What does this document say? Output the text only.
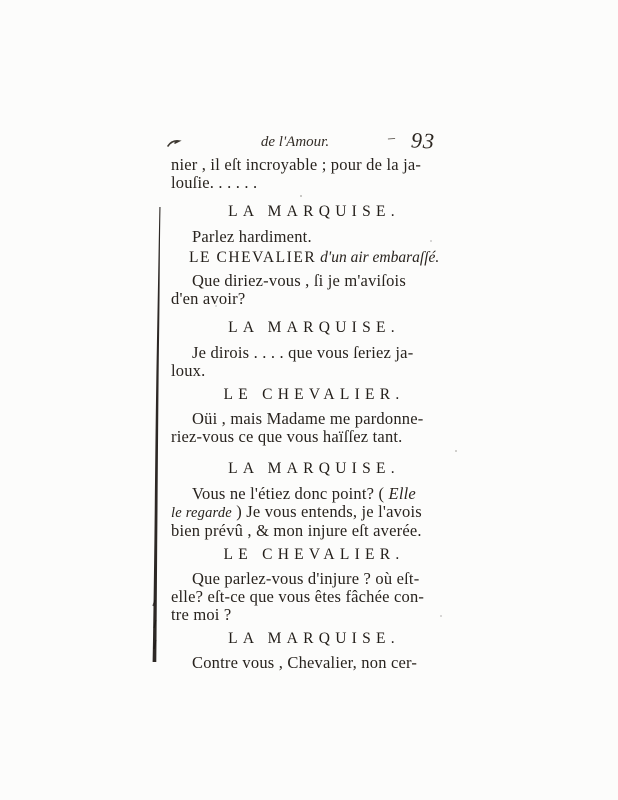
de l'Amour.	– 93

nier , il eſt incroyable ; pour de la ja-

louſie. . . . . .

LA MARQUISE.

Parlez hardiment.

LE CHEVALIER d'un air embaraſſé.

Que diriez-vous , ſi je m'aviſois

d'en avoir?

LA MARQUISE.

Je dirois . . . . que vous ſeriez ja-

loux.

LE CHEVALIER.

Oüi , mais Madame me pardonne-

riez-vous ce que vous haïſſez tant.

LA MARQUISE.

Vous ne l'étiez donc point? ( Elle

le regarde ) Je vous entends, je l'avois

bien prévû , & mon injure eſt averée.

LE CHEVALIER.

Que parlez-vous d'injure ? où eſt-

elle? eſt-ce que vous êtes fâchée con-

tre moi ?

LA MARQUISE.

Contre vous , Chevalier, non cer-
